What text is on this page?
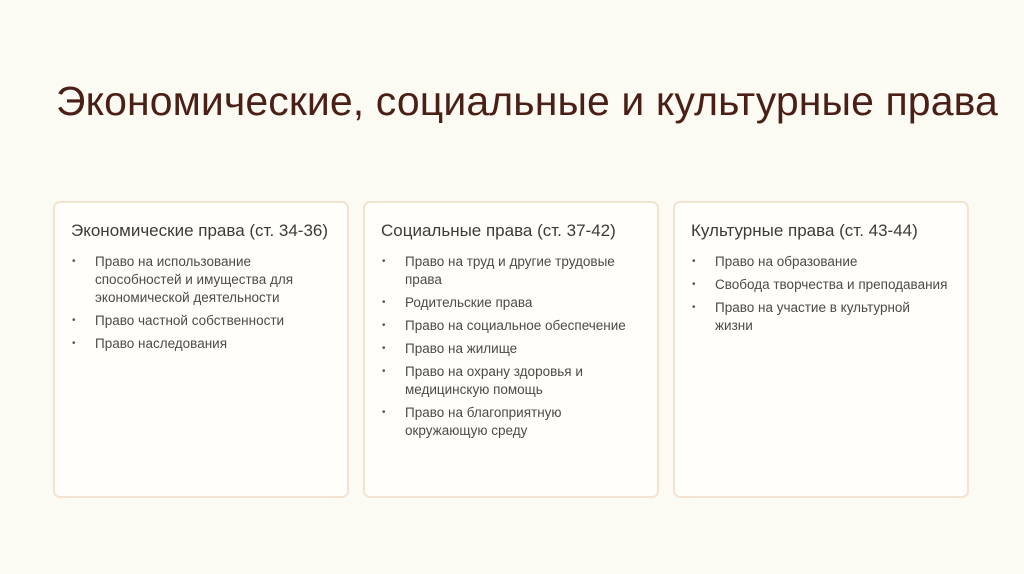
Экономические, социальные и культурные права
Экономические права (ст. 34-36)
• Право на использование способностей и имущества для экономической деятельности
• Право частной собственности
• Право наследования
Социальные права (ст. 37-42)
• Право на труд и другие трудовые права
• Родительские права
• Право на социальное обеспечение
• Право на жилище
• Право на охрану здоровья и медицинскую помощь
• Право на благоприятную окружающую среду
Культурные права (ст. 43-44)
• Право на образование
• Свобода творчества и преподавания
• Право на участие в культурной жизни
